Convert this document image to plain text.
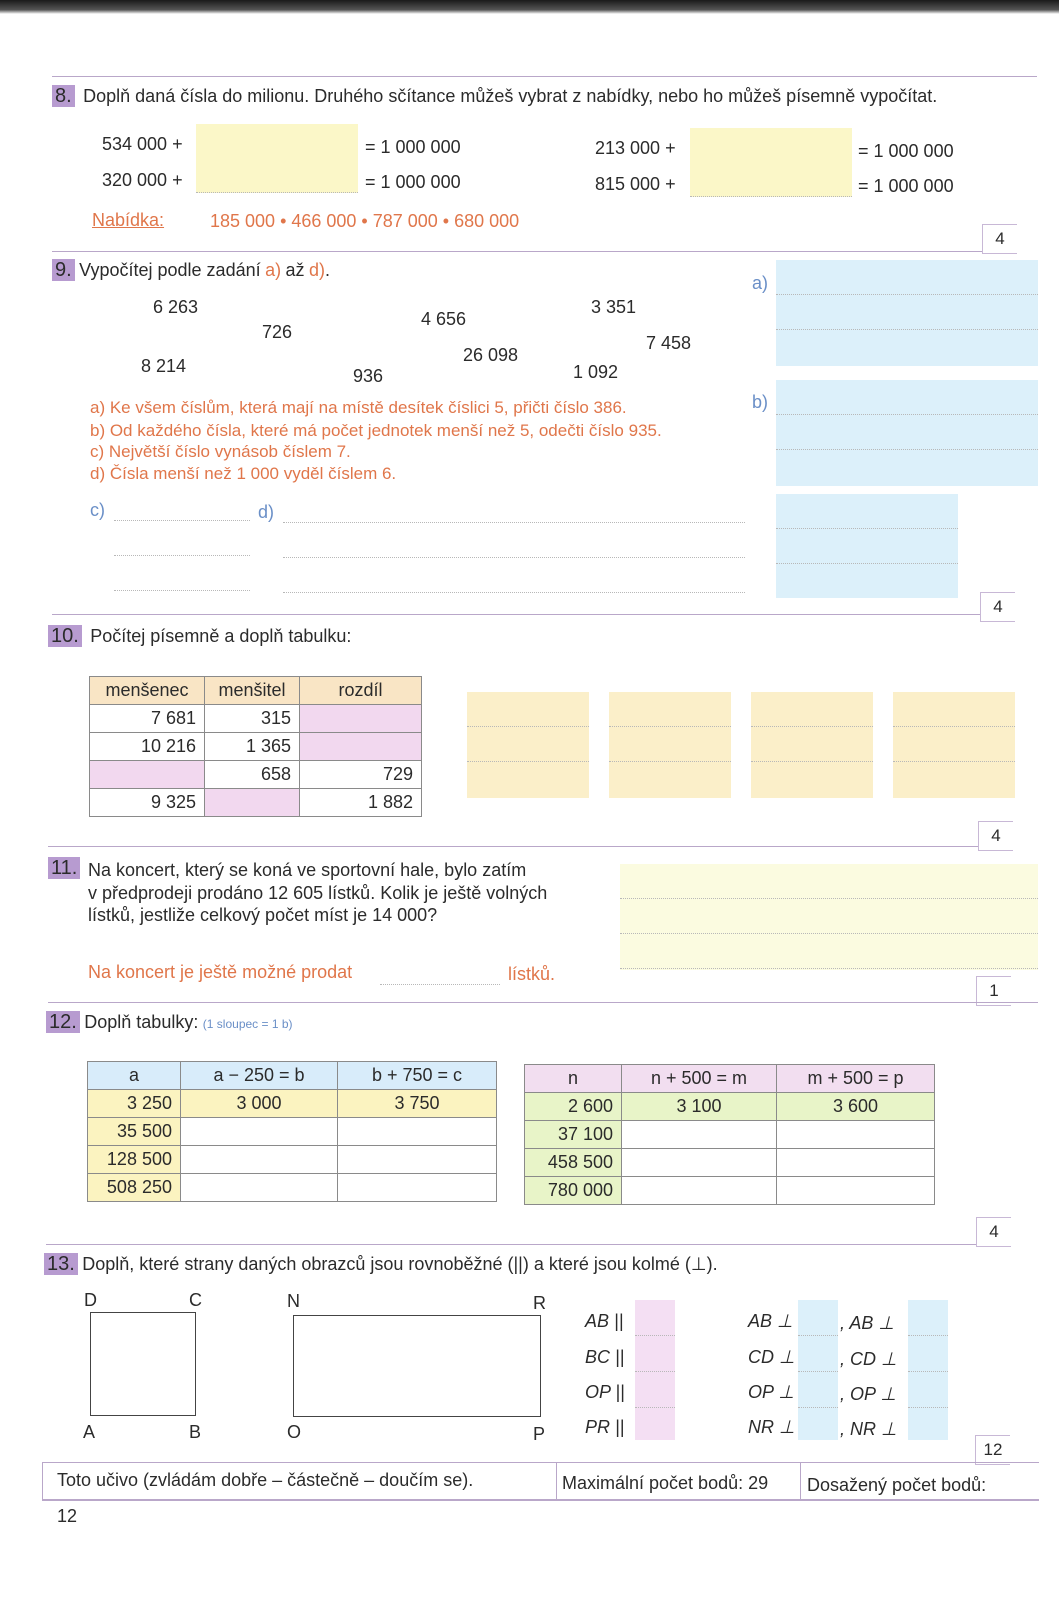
8. Doplň daná čísla do milionu. Druhého sčítance můžeš vybrat z nabídky, nebo ho můžeš písemně vypočítat.
534 000 +	= 1 000 000
320 000 +	= 1 000 000
213 000 +	= 1 000 000
815 000 +	= 1 000 000
Nabídka:	185 000 • 466 000 • 787 000 • 680 000
4
9. Vypočítej podle zadání a) až d).
6 263
726
8 214	936
4 656
26 098
3 351
7 458
1 092
a) Ke všem číslům, která mají na místě desítek číslici 5, přičti číslo 386.
b) Od každého čísla, které má počet jednotek menší než 5, odečti číslo 935.
c) Největší číslo vynásob číslem 7.
d) Čísla menší než 1 000 vyděl číslem 6.
c)	d)
a)
b)
4
10. Počítej písemně a doplň tabulku:
menšenec	menšitel	rozdíl
7 681	315	
10 216	1 365	
	658	729
9 325		1 882
4
11. Na koncert, který se koná ve sportovní hale, bylo zatím
v předprodeji prodáno 12 605 lístků. Kolik je ještě volných
lístků, jestliže celkový počet míst je 14 000?
Na koncert je ještě možné prodat	lístků.
1
12. Doplň tabulky: (1 sloupec = 1 b)
a	a − 250 = b	b + 750 = c
3 250	3 000	3 750
35 500		
128 500		
508 250		
n	n + 500 = m	m + 500 = p
2 600	3 100	3 600
37 100		
458 500		
780 000		
4
13. Doplň, které strany daných obrazců jsou rovnoběžné (||) a které jsou kolmé (⊥).
D	C
A	B
N	R
O	P
AB ||
BC ||
OP ||
PR ||
AB ⊥
CD ⊥
OP ⊥
NR ⊥
, AB ⊥
, CD ⊥
, OP ⊥
, NR ⊥
12
Toto učivo (zvládám dobře – částečně – doučím se).	Maximální počet bodů: 29 Dosažený počet bodů:
12
